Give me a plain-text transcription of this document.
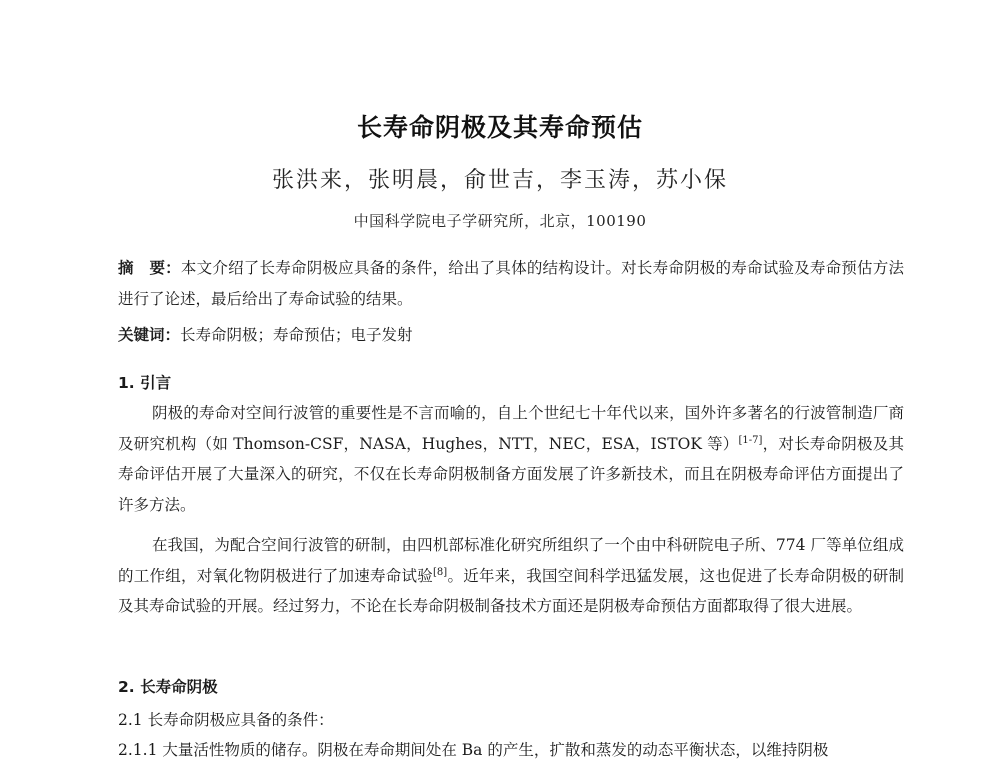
长寿命阴极及其寿命预估
张洪来，张明晨，俞世吉，李玉涛，苏小保
中国科学院电子学研究所，北京，100190
摘　要：本文介绍了长寿命阴极应具备的条件，给出了具体的结构设计。对长寿命阴极的寿命试验及寿命预估方法进行了论述，最后给出了寿命试验的结果。
关键词：长寿命阴极；寿命预估；电子发射
1. 引言
阴极的寿命对空间行波管的重要性是不言而喻的，自上个世纪七十年代以来，国外许多著名的行波管制造厂商及研究机构（如 Thomson-CSF，NASA，Hughes，NTT，NEC，ESA，ISTOK 等）[1-7]，对长寿命阴极及其寿命评估开展了大量深入的研究，不仅在长寿命阴极制备方面发展了许多新技术，而且在阴极寿命评估方面提出了许多方法。
在我国，为配合空间行波管的研制，由四机部标准化研究所组织了一个由中科研院电子所、774 厂等单位组成的工作组，对氧化物阴极进行了加速寿命试验[8]。近年来，我国空间科学迅猛发展，这也促进了长寿命阴极的研制及其寿命试验的开展。经过努力，不论在长寿命阴极制备技术方面还是阴极寿命预估方面都取得了很大进展。
2. 长寿命阴极
2.1 长寿命阴极应具备的条件：
2.1.1 大量活性物质的储存。阴极在寿命期间处在 Ba 的产生，扩散和蒸发的动态平衡状态，以维持阴极
